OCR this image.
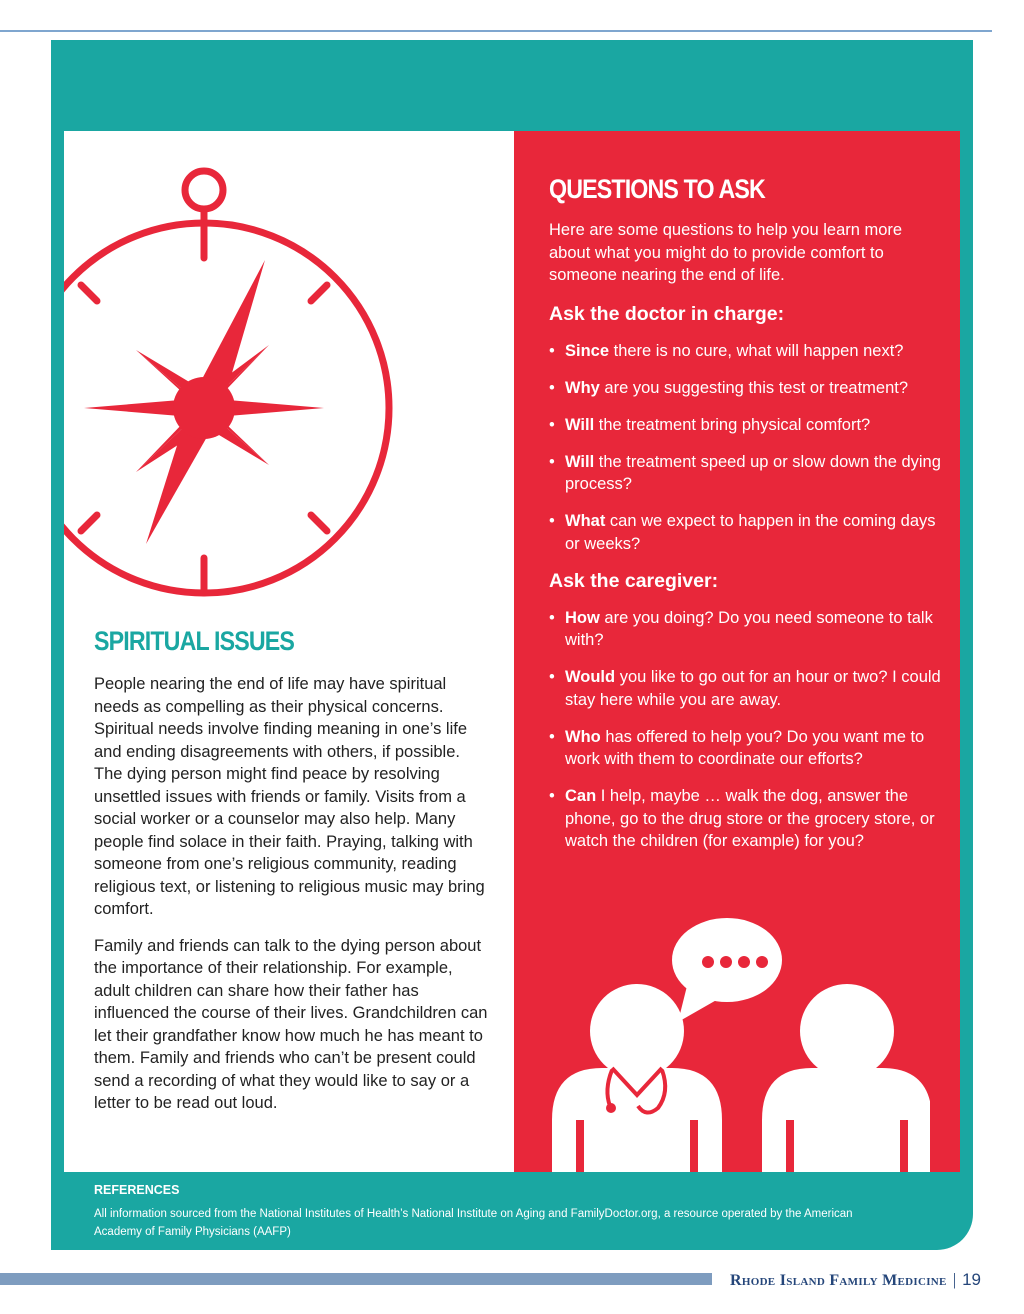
SPIRITUAL ISSUES

People nearing the end of life may have spiritual needs as compelling as their physical concerns. Spiritual needs involve finding meaning in one’s life and ending disagreements with others, if possible. The dying person might find peace by resolving unsettled issues with friends or family. Visits from a social worker or a counselor may also help. Many people find solace in their faith. Praying, talking with someone from one’s religious community, reading religious text, or listening to religious music may bring comfort.

Family and friends can talk to the dying person about the importance of their relationship. For example, adult children can share how their father has influenced the course of their lives. Grandchildren can let their grandfather know how much he has meant to them. Family and friends who can’t be present could send a recording of what they would like to say or a letter to be read out loud.

QUESTIONS TO ASK
Here are some questions to help you learn more about what you might do to provide comfort to someone nearing the end of life.
Ask the doctor in charge:
• Since there is no cure, what will happen next?
• Why are you suggesting this test or treatment?
• Will the treatment bring physical comfort?
• Will the treatment speed up or slow down the dying process?
• What can we expect to happen in the coming days or weeks?
Ask the caregiver:
• How are you doing? Do you need someone to talk with?
• Would you like to go out for an hour or two? I could stay here while you are away.
• Who has offered to help you? Do you want me to work with them to coordinate our efforts?
• Can I help, maybe … walk the dog, answer the phone, go to the drug store or the grocery store, or watch the children (for example) for you?
REFERENCES
All information sourced from the National Institutes of Health’s National Institute on Aging and FamilyDoctor.org, a resource operated by the American Academy of Family Physicians (AAFP)
Rhode Island Family Medicine | 19
